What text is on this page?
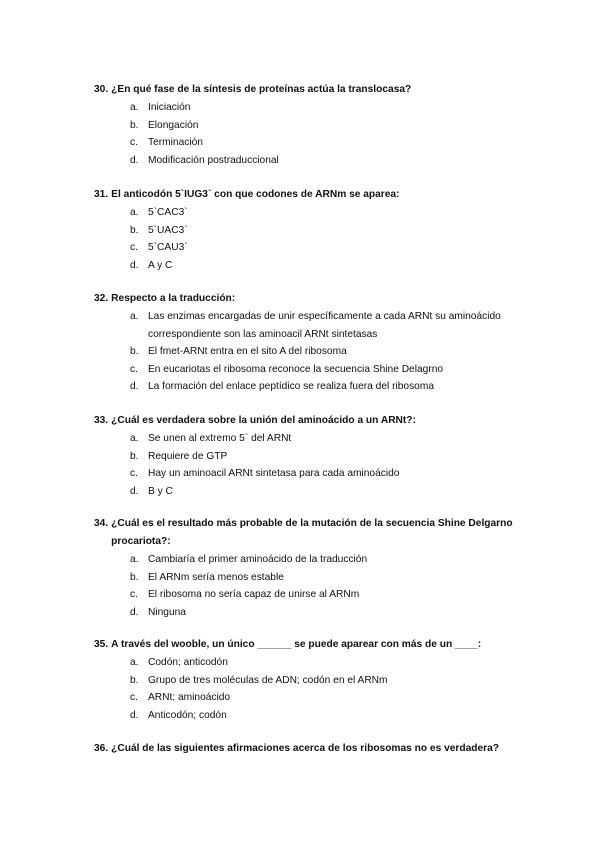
30. ¿En qué fase de la síntesis de proteínas actúa la translocasa?
a. Iniciación
b. Elongación
c. Terminación
d. Modificación postraduccional
31. El anticodón 5`IUG3` con que codones de ARNm se aparea:
a. 5`CAC3`
b. 5`UAC3`
c. 5`CAU3`
d. A y C
32. Respecto a la traducción:
a. Las enzimas encargadas de unir específicamente a cada ARNt su aminoácido correspondiente son las aminoacil ARNt sintetasas
b. El fmet-ARNt entra en el sito A del ribosoma
c. En eucariotas el ribosoma reconoce la secuencia Shine Delagrno
d. La formación del enlace peptídico se realiza fuera del ribosoma
33. ¿Cuál es verdadera sobre la unión del aminoácido a un ARNt?:
a. Se unen al extremo 5` del ARNt
b. Requiere de GTP
c. Hay un aminoacil ARNt sintetasa para cada aminoácido
d. B y C
34. ¿Cuál es el resultado más probable de la mutación de la secuencia Shine Delgarno procariota?:
a. Cambiaría el primer aminoácido de la traducción
b. El ARNm sería menos estable
c. El ribosoma no sería capaz de unirse al ARNm
d. Ninguna
35. A través del wooble, un único ______ se puede aparear con más de un ____:
a. Codón; anticodón
b. Grupo de tres moléculas de ADN; codón en el ARNm
c. ARNt; aminoácido
d. Anticodón; codón
36. ¿Cuál de las siguientes afirmaciones acerca de los ribosomas no es verdadera?
